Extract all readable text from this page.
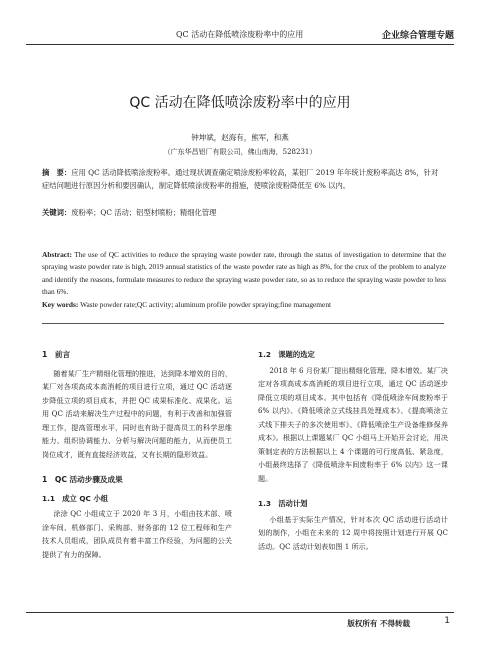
QC 活动在降低喷涂废粉率中的应用	企业综合管理专题
QC 活动在降低喷涂废粉率中的应用
钟坤斌，赵海有，熊军，和燕
（广东华昌铝厂有限公司，佛山南海，528231）
摘　要：应用 QC 活动降低喷涂废粉率。通过现状调查确定喷涂废粉率较高，某铝厂 2019 年年统计废粉率高达 8%，针对症结问题进行原因分析和要因确认，制定降低喷涂废粉率的措施，使喷涂废粉降低至 6% 以内。
关键词：废粉率；QC 活动；铝型材喷粉；精细化管理
Abstract: The use of QC activities to reduce the spraying waste powder rate, through the status of investigation to determine that the spraying waste powder rate is high, 2019 annual statistics of the waste powder rate as high as 8%, for the crux of the problem to analyze and identify the reasons, formulate measures to reduce the spraying waste powder rate, so as to reduce the spraying waste powder to less than 6%.
Key words: Waste powder rate;QC activity; aluminum profile powder spraying;fine management
1　前言

随着某厂生产精细化管理的推进，达到降本增效的目的，某厂对各项高成本高消耗的项目进行立项，通过 QC 活动逐步降低立项的项目成本，并把 QC 成果标准化、成果化。运用 QC 活动来解决生产过程中的问题，有利于改善和加强管理工作，提高管理水平，同时也有助于提高员工的科学思维能力、组织协调能力、分析与解决问题的能力，从而使员工岗位成才，既有直接经济效益，又有长期的隐形效益。

1　QC 活动步骤及成果
1.1　成立 QC 小组

涂涂 QC 小组成立于 2020 年 3 月，小组由技术部、喷涂车间、机修部门、采购部、财务部的 12 位工程师和生产技术人员组成，团队成员有着丰富工作经验，为问题的公关提供了有力的保障。

1.2　课题的选定

2018 年 6 月份某厂提出精细化管理、降本增效。某厂决定对各项高成本高消耗的项目进行立项，通过 QC 活动逐步降低立项的项目成本。其中包括有《降低喷涂车间废粉率于 6% 以内》、《降低喷涂立式线挂具处理成本》、《提高喷涂立式线下排夫子的多次使用率》、《降低喷涂生产设备维修保养成本》。根据以上课题某厂 QC 小组马上开始开会讨论，用决策制定表的方法根据以上 4 个课题的可行度高低、紧急度，小组最终选择了《降低喷涂车间废粉率于 6% 以内》这一课题。

1.3　活动计划

小组基于实际生产情况，针对本次 QC 活动进行活动计划的制作，小组在未来的 12 周中将按照计划进行开展 QC 活动。QC 活动计划表如图 1 所示。

版权所有 不得转载	1
